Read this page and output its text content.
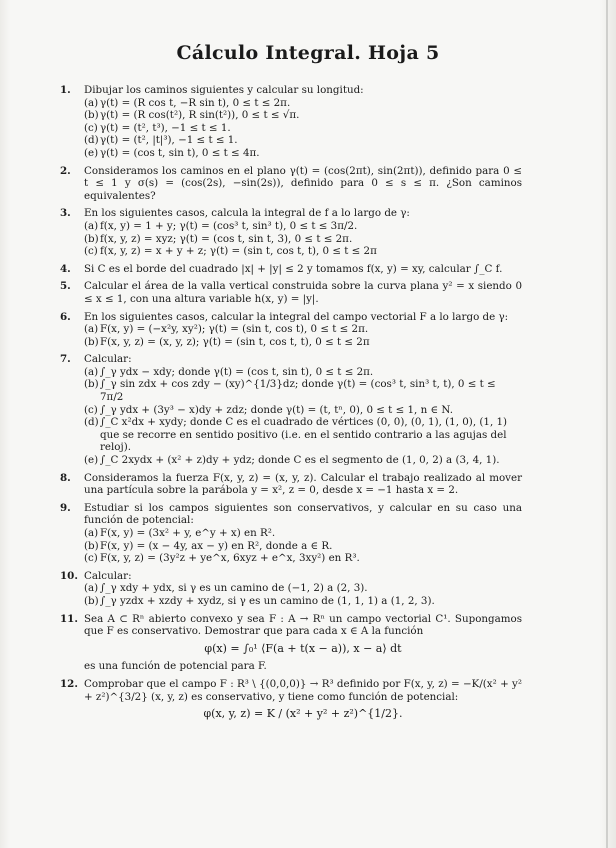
Cálculo Integral. Hoja 5
1. Dibujar los caminos siguientes y calcular su longitud:

(a) γ(t) = (R cos t, −R sin t), 0 ≤ t ≤ 2π.
(b) γ(t) = (R cos(t²), R sin(t²)), 0 ≤ t ≤ √π.
(c) γ(t) = (t², t³), −1 ≤ t ≤ 1.
(d) γ(t) = (t², |t|³), −1 ≤ t ≤ 1.
(e) γ(t) = (cos t, sin t), 0 ≤ t ≤ 4π.
2. Consideramos los caminos en el plano γ(t) = (cos(2πt), sin(2πt)), definido para 0 ≤ t ≤ 1 y σ(s) = (cos(2s), −sin(2s)), definido para 0 ≤ s ≤ π. ¿Son caminos equivalentes?

3. En los siguientes casos, calcula la integral de f a lo largo de γ:

(a) f(x, y) = 1 + y; γ(t) = (cos³ t, sin³ t), 0 ≤ t ≤ 3π/2.
(b) f(x, y, z) = xyz; γ(t) = (cos t, sin t, 3), 0 ≤ t ≤ 2π.
(c) f(x, y, z) = x + y + z; γ(t) = (sin t, cos t, t), 0 ≤ t ≤ 2π
4. Si C es el borde del cuadrado |x| + |y| ≤ 2 y tomamos f(x, y) = xy, calcular ∫_C f.

5. Calcular el área de la valla vertical construida sobre la curva plana y² = x siendo 0 ≤ x ≤ 1, con una altura variable h(x, y) = |y|.

6. En los siguientes casos, calcular la integral del campo vectorial F a lo largo de γ:

(a) F(x, y) = (−x²y, xy²); γ(t) = (sin t, cos t), 0 ≤ t ≤ 2π.
(b) F(x, y, z) = (x, y, z); γ(t) = (sin t, cos t, t), 0 ≤ t ≤ 2π
7. Calcular:

(a) ∫_γ ydx − xdy; donde γ(t) = (cos t, sin t), 0 ≤ t ≤ 2π.
(b) ∫_γ sin zdx + cos zdy − (xy)^{1/3}dz; donde γ(t) = (cos³ t, sin³ t, t), 0 ≤ t ≤ 7π/2
(c) ∫_γ ydx + (3y³ − x)dy + zdz; donde γ(t) = (t, tⁿ, 0), 0 ≤ t ≤ 1, n ∈ N.
(d) ∫_C x²dx + xydy; donde C es el cuadrado de vértices (0, 0), (0, 1), (1, 0), (1, 1) que se recorre en sentido positivo (i.e. en el sentido contrario a las agujas del reloj).
(e) ∫_C 2xydx + (x² + z)dy + ydz; donde C es el segmento de (1, 0, 2) a (3, 4, 1).
8. Consideramos la fuerza F(x, y, z) = (x, y, z). Calcular el trabajo realizado al mover una partícula sobre la parábola y = x², z = 0, desde x = −1 hasta x = 2.

9. Estudiar si los campos siguientes son conservativos, y calcular en su caso una función de potencial:

(a) F(x, y) = (3x² + y, e^y + x) en R².
(b) F(x, y) = (x − 4y, ax − y) en R², donde a ∈ R.
(c) F(x, y, z) = (3y²z + ye^x, 6xyz + e^x, 3xy²) en R³.
10. Calcular:

(a) ∫_γ xdy + ydx, si γ es un camino de (−1, 2) a (2, 3).
(b) ∫_γ yzdx + xzdy + xydz, si γ es un camino de (1, 1, 1) a (1, 2, 3).
11. Sea A ⊂ Rⁿ abierto convexo y sea F : A → Rⁿ un campo vectorial C¹. Supongamos que F es conservativo. Demostrar que para cada x ∈ A la función

φ(x) = ∫₀¹ ⟨F(a + t(x − a)), x − a⟩ dt

es una función de potencial para F.

12. Comprobar que el campo F : R³ \ {(0,0,0)} → R³ definido por F(x, y, z) = −K/(x² + y² + z²)^{3/2} (x, y, z) es conservativo, y tiene como función de potencial:

φ(x, y, z) = K / (x² + y² + z²)^{1/2}.
